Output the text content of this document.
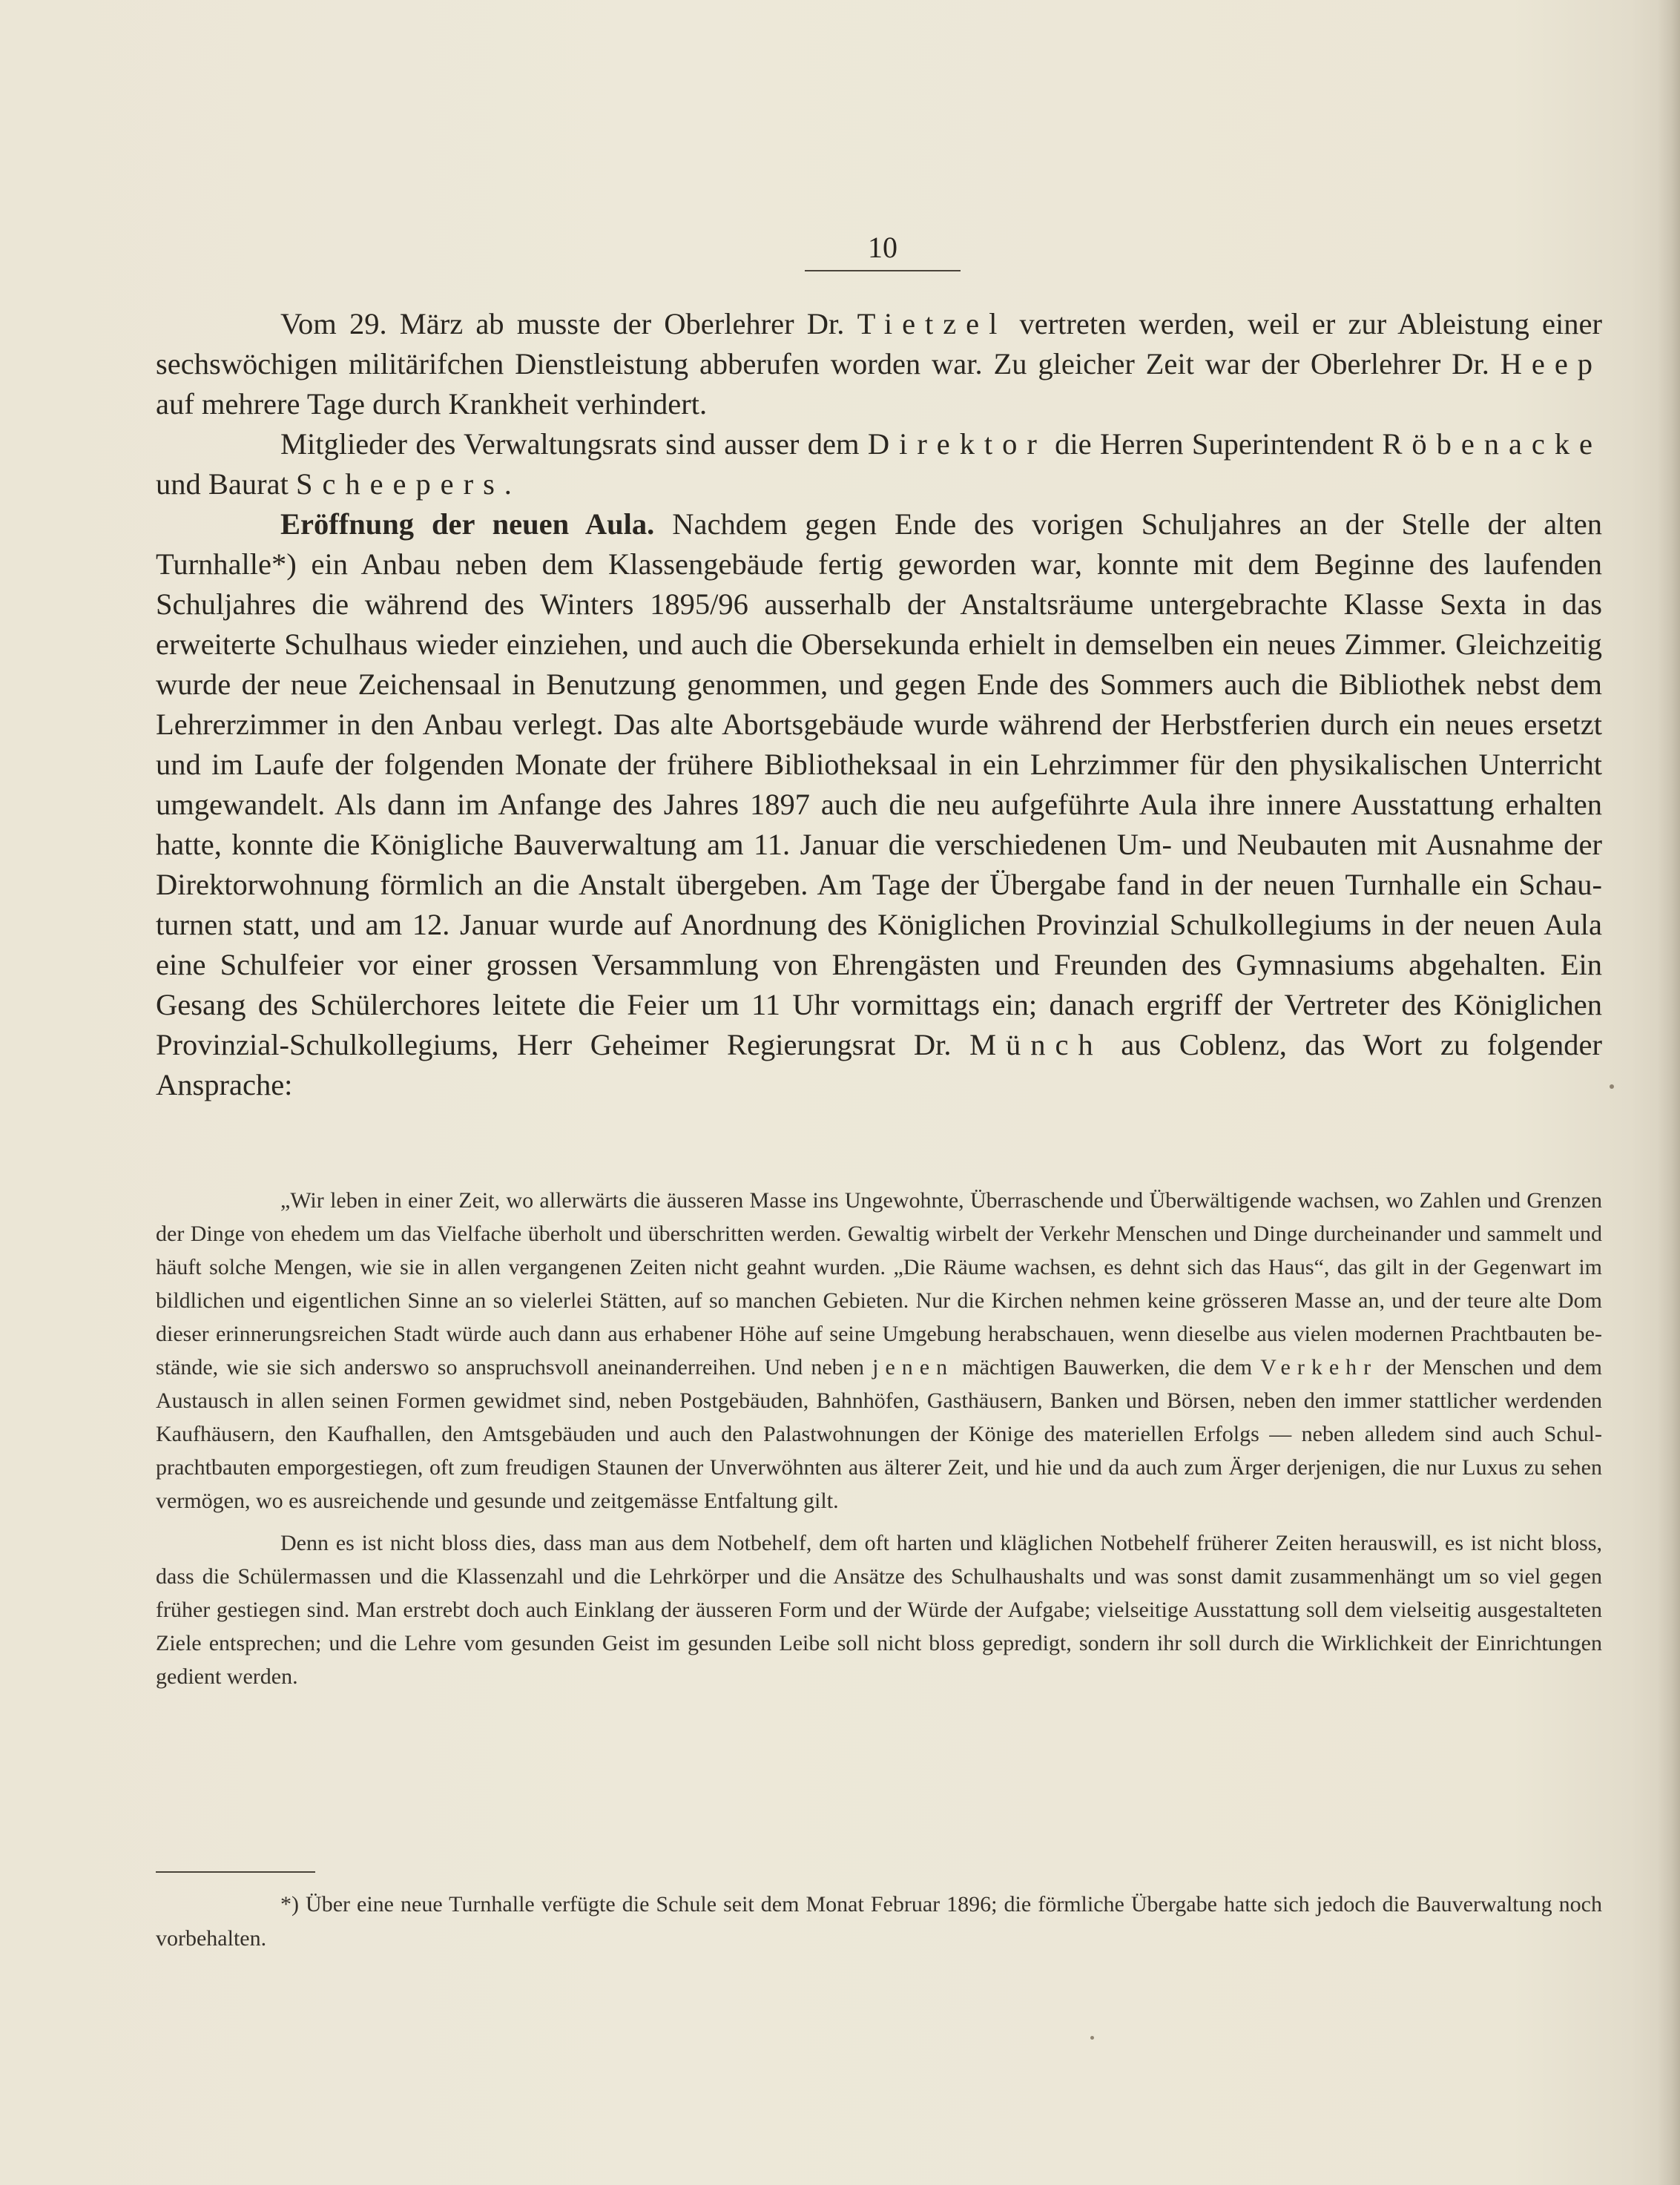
10

Vom 29. März ab musste der Oberlehrer Dr. Tietzel vertreten werden, weil er zur Ableistung einer sechswöchigen militärifchen Dienstleistung abberufen worden war. Zu gleicher Zeit war der Oberlehrer Dr. Heep auf mehrere Tage durch Krankheit verhindert.

Mitglieder des Verwaltungsrats sind ausser dem Direktor die Herren Superintendent Röbenacke und Baurat Scheepers.

Eröffnung der neuen Aula. Nachdem gegen Ende des vorigen Schuljahres an der Stelle der alten Turnhalle*) ein Anbau neben dem Klassengebäude fertig geworden war, konnte mit dem Beginne des laufenden Schuljahres die während des Winters 1895/96 ausserhalb der Anstaltsräume untergebrachte Klasse Sexta in das erweiterte Schulhaus wieder einziehen, und auch die Obersekunda erhielt in demselben ein neues Zimmer. Gleichzeitig wurde der neue Zeichensaal in Benutzung genommen, und gegen Ende des Sommers auch die Bibliothek nebst dem Lehrerzimmer in den Anbau verlegt. Das alte Abortsgebäude wurde während der Herbstferien durch ein neues ersetzt und im Laufe der folgenden Monate der frühere Bibliotheksaal in ein Lehrzimmer für den physikalischen Unterricht umgewandelt. Als dann im Anfange des Jahres 1897 auch die neu aufgeführte Aula ihre innere Ausstattung erhalten hatte, konnte die Königliche Bauverwaltung am 11. Januar die verschiedenen Um- und Neubauten mit Ausnahme der Direktorwohnung förmlich an die Anstalt übergeben. Am Tage der Übergabe fand in der neuen Turnhalle ein Schauturnen statt, und am 12. Januar wurde auf Anordnung des Königlichen Provinzial Schulkollegiums in der neuen Aula eine Schulfeier vor einer grossen Versammlung von Ehrengästen und Freunden des Gymnasiums abgehalten. Ein Gesang des Schülerchores leitete die Feier um 11 Uhr vormittags ein; danach ergriff der Vertreter des Königlichen Provinzial-Schulkollegiums, Herr Geheimer Regierungsrat Dr. Münch aus Coblenz, das Wort zu folgender Ansprache:

„Wir leben in einer Zeit, wo allerwärts die äusseren Masse ins Ungewohnte, Überraschende und Überwältigende wachsen, wo Zahlen und Grenzen der Dinge von ehedem um das Vielfache überholt und überschritten werden. Gewaltig wirbelt der Verkehr Menschen und Dinge durcheinander und sammelt und häuft solche Mengen, wie sie in allen vergangenen Zeiten nicht geahnt wurden. „Die Räume wachsen, es dehnt sich das Haus“, das gilt in der Gegenwart im bildlichen und eigentlichen Sinne an so vielerlei Stätten, auf so manchen Gebieten. Nur die Kirchen nehmen keine grösseren Masse an, und der teure alte Dom dieser erinnerungsreichen Stadt würde auch dann aus erhabener Höhe auf seine Umgebung herabschauen, wenn dieselbe aus vielen modernen Prachtbauten bestände, wie sie sich anderswo so anspruchsvoll aneinanderreihen. Und neben jenen mächtigen Bauwerken, die dem Verkehr der Menschen und dem Austausch in allen seinen Formen gewidmet sind, neben Postgebäuden, Bahnhöfen, Gasthäusern, Banken und Börsen, neben den immer stattlicher werdenden Kaufhäusern, den Kaufhallen, den Amtsgebäuden und auch den Palastwohnungen der Könige des materiellen Erfolgs — neben alledem sind auch Schulprachtbauten emporgestiegen, oft zum freudigen Staunen der Unverwöhnten aus älterer Zeit, und hie und da auch zum Ärger derjenigen, die nur Luxus zu sehen vermögen, wo es ausreichende und gesunde und zeitgemässe Entfaltung gilt.

Denn es ist nicht bloss dies, dass man aus dem Notbehelf, dem oft harten und kläglichen Notbehelf früherer Zeiten herauswill, es ist nicht bloss, dass die Schülermassen und die Klassenzahl und die Lehrkörper und die Ansätze des Schulhaushalts und was sonst damit zusammenhängt um so viel gegen früher gestiegen sind. Man erstrebt doch auch Einklang der äusseren Form und der Würde der Aufgabe; vielseitige Ausstattung soll dem vielseitig ausgestalteten Ziele entsprechen; und die Lehre vom gesunden Geist im gesunden Leibe soll nicht bloss gepredigt, sondern ihr soll durch die Wirklichkeit der Einrichtungen gedient werden.

*) Über eine neue Turnhalle verfügte die Schule seit dem Monat Februar 1896; die förmliche Übergabe hatte sich jedoch die Bauverwaltung noch vorbehalten.
